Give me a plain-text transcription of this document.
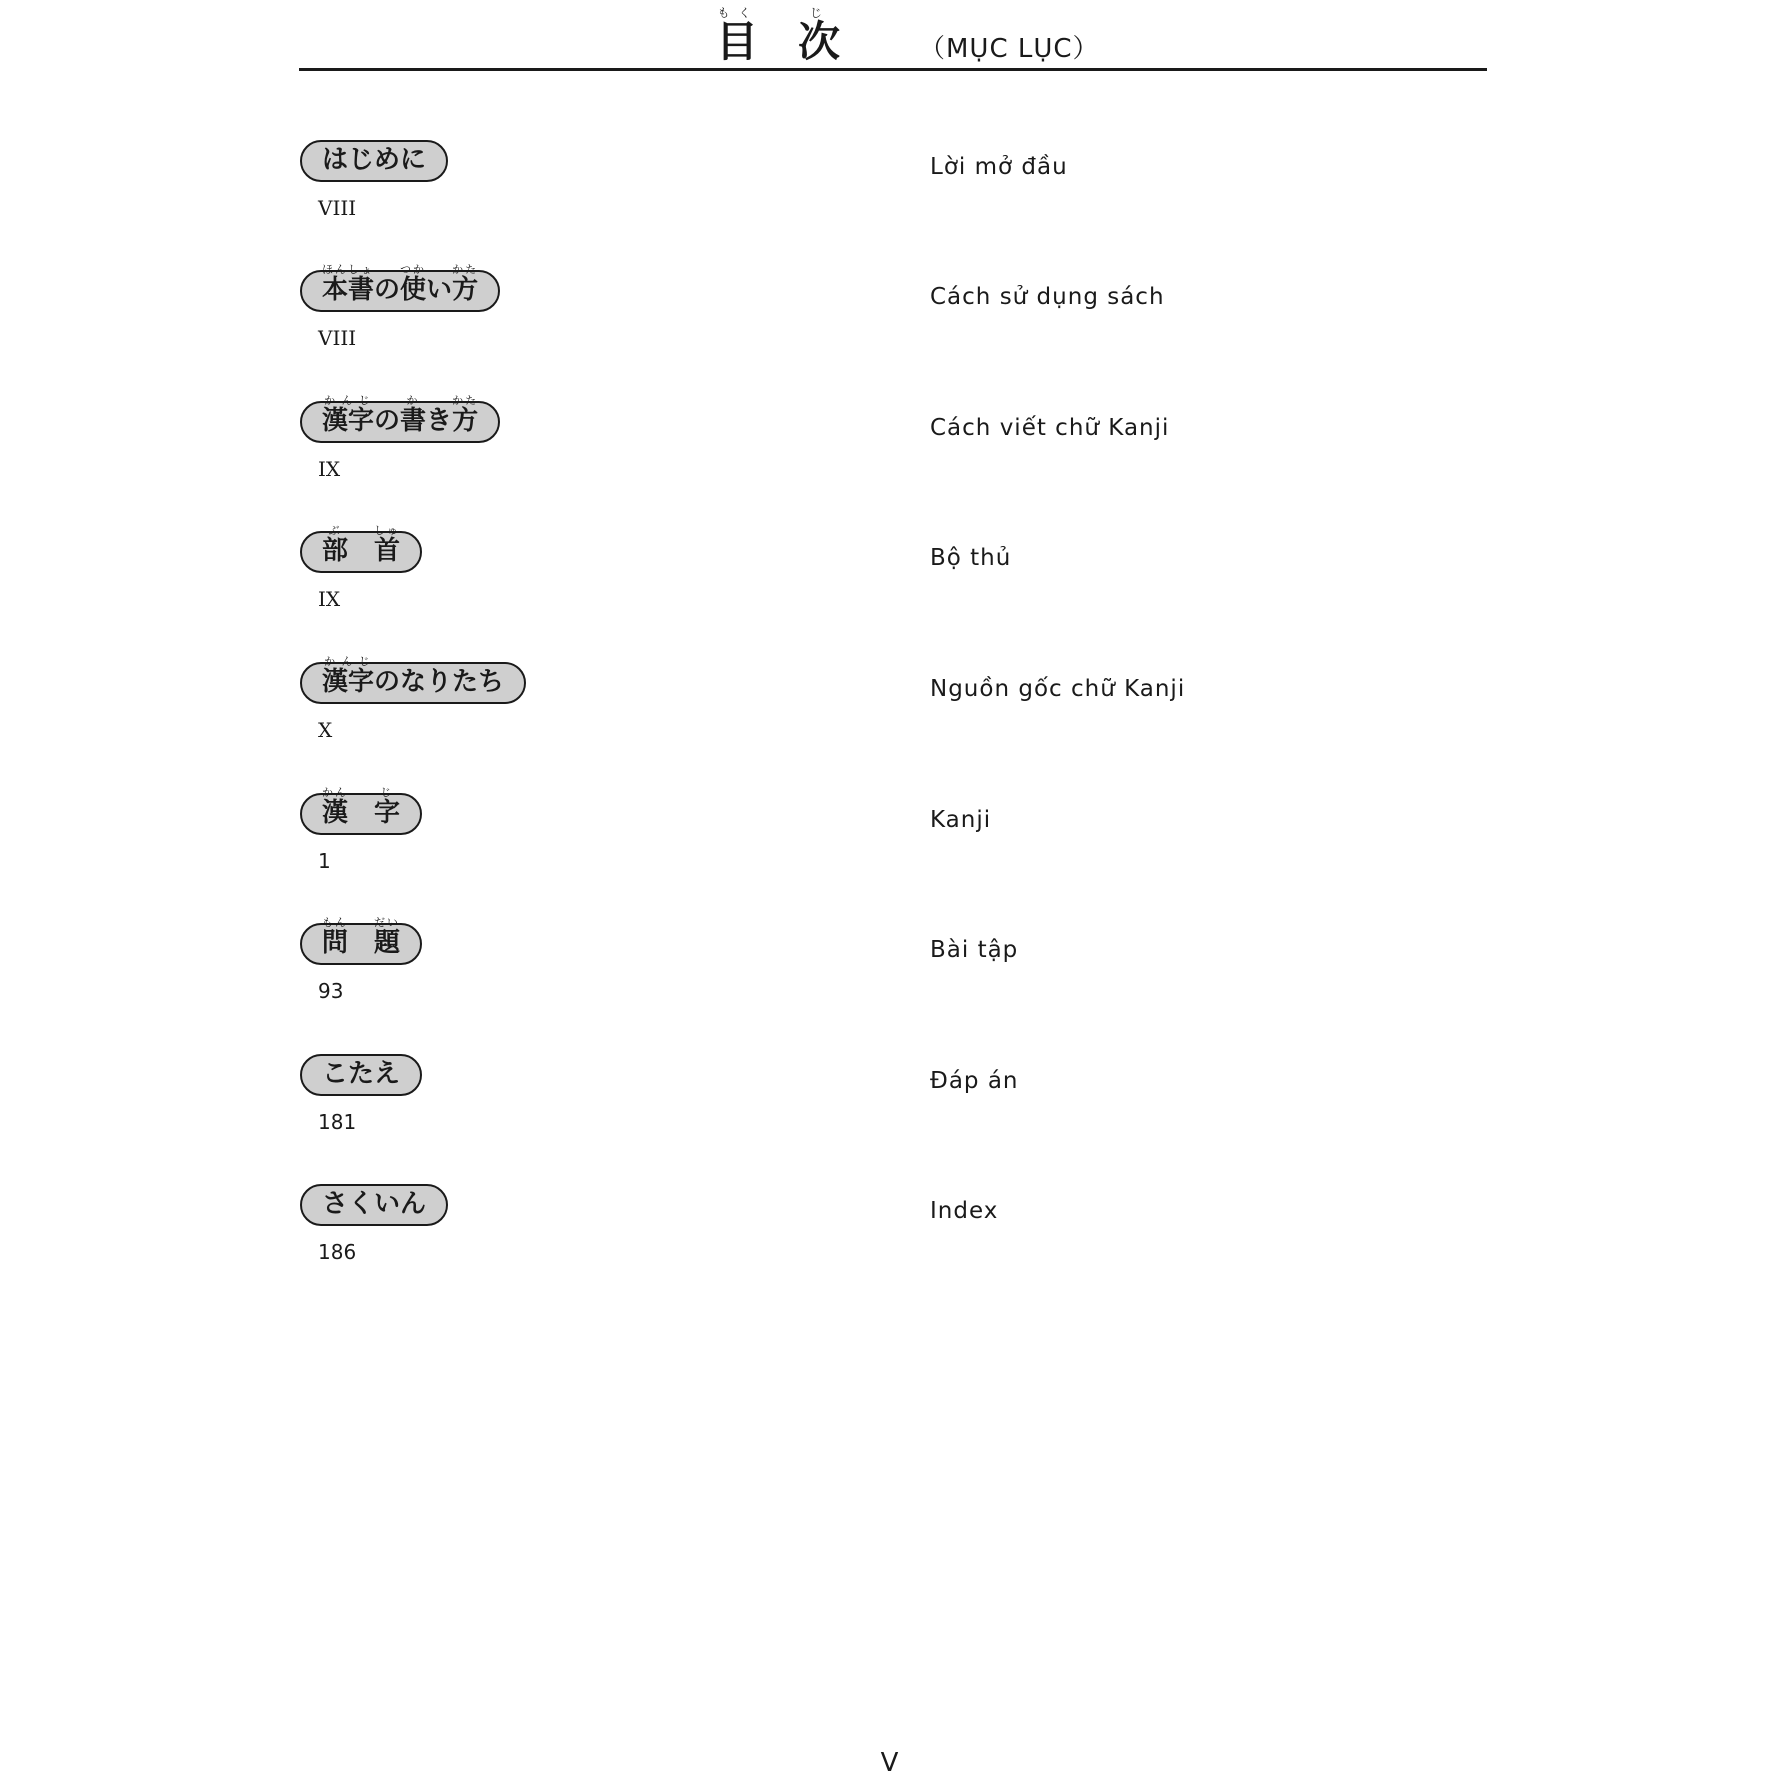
目もく
次じ
（MỤC LỤC）
はじめに
VIII
Lời mở đầu
本書ほんしょ
の 使つか
い 方かた
VIII
Cách sử dụng sách
漢字かんじ
の 書か
き 方かた
IX
Cách viết chữ Kanji
部ぶ

首しゅ
IX
Bộ thủ
漢字かんじ
のなりたち
X
Nguồn gốc chữ Kanji
漢かん

字じ
1
Kanji
問もん

題だい
93
Bài tập
こたえ
181
Đáp án
さくいん
186
Index
V
